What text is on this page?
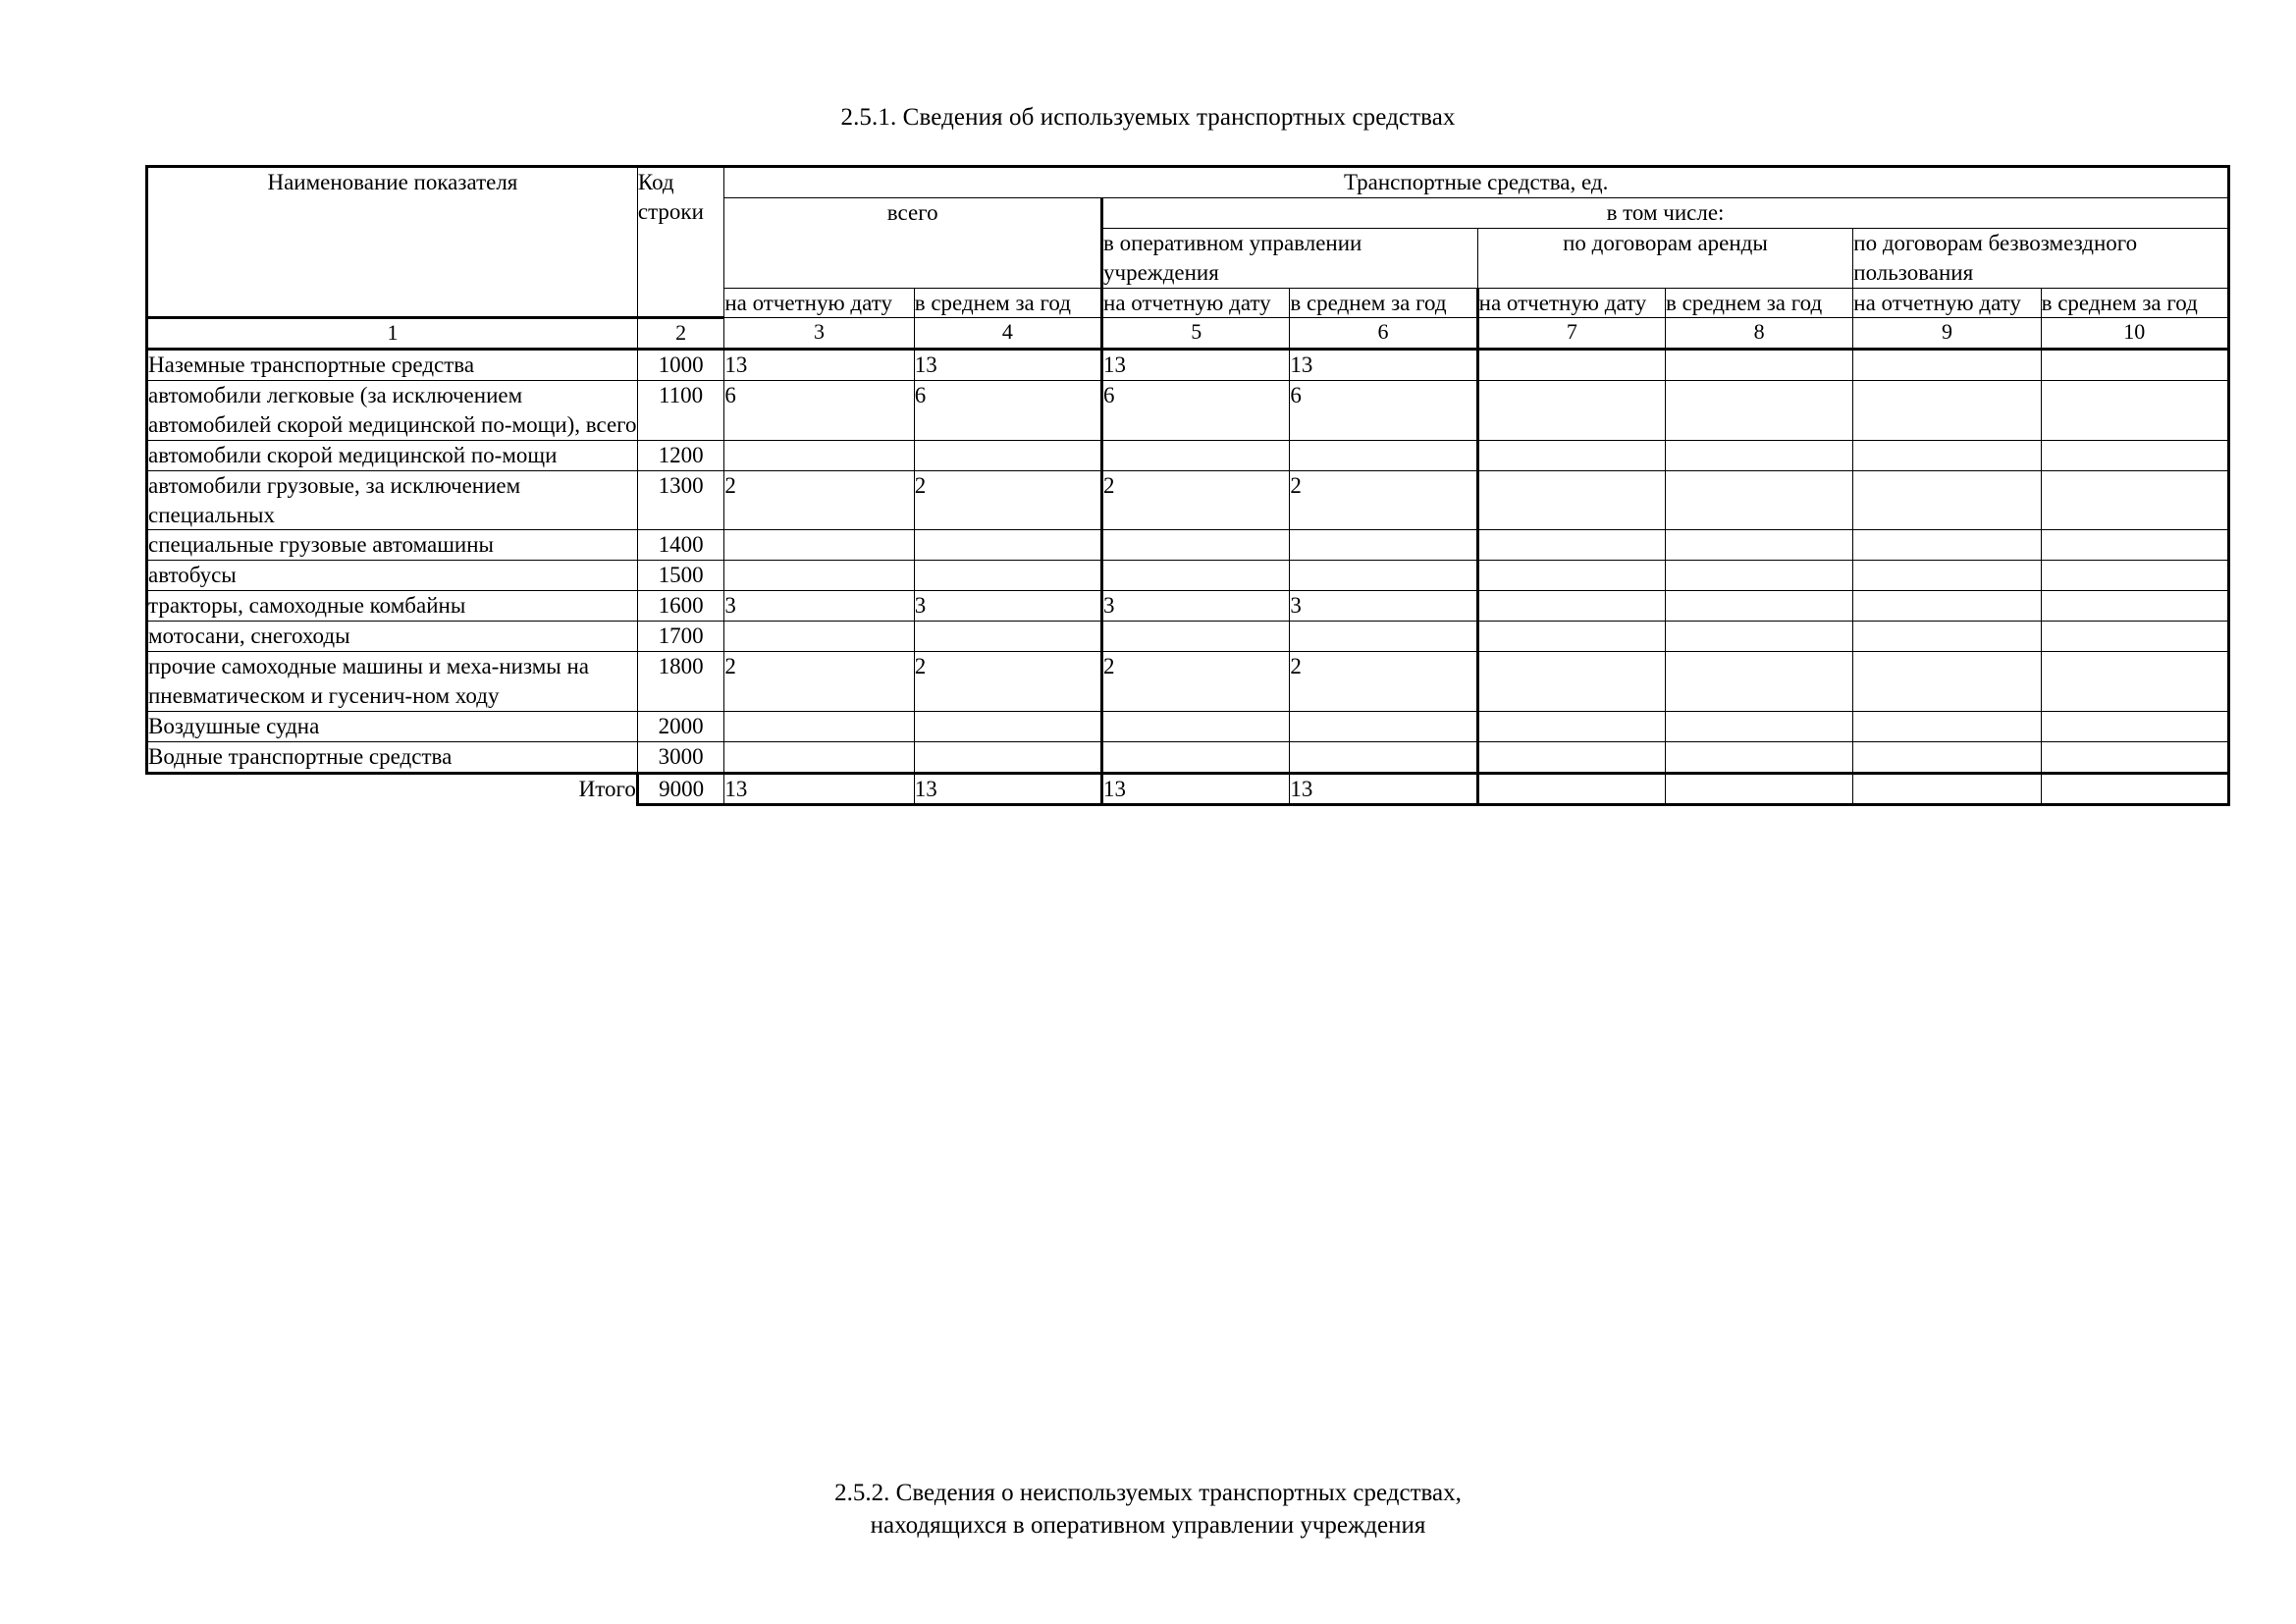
2.5.1. Сведения об используемых транспортных средствах
Наименование показателя	Код строки	Транспортные средства, ед.							
		всего		в том числе:					
				в оперативном управлении учреждения		по договорам аренды		по договорам безвозмездного пользования	
		на отчетную дату	в среднем за год	на отчетную дату	в среднем за год	на отчетную дату	в среднем за год	на отчетную дату	в среднем за год
1	2	3	4	5	6	7	8	9	10
Наземные транспортные средства	1000	13	13	13	13				
автомобили легковые (за исключением автомобилей скорой медицинской по-мощи), всего	1100	6	6	6	6				
автомобили скорой медицинской по-мощи	1200								
автомобили грузовые, за исключением специальных	1300	2	2	2	2				
специальные грузовые автомашины	1400								
автобусы	1500								
тракторы, самоходные комбайны	1600	3	3	3	3				
мотосани, снегоходы	1700								
прочие самоходные машины и меха-низмы на пневматическом и гусенич-ном ходу	1800	2	2	2	2				
Воздушные судна	2000								
Водные транспортные средства	3000								
Итого	9000	13	13	13	13				
2.5.2. Сведения о неиспользуемых транспортных средствах,
находящихся в оперативном управлении учреждения
